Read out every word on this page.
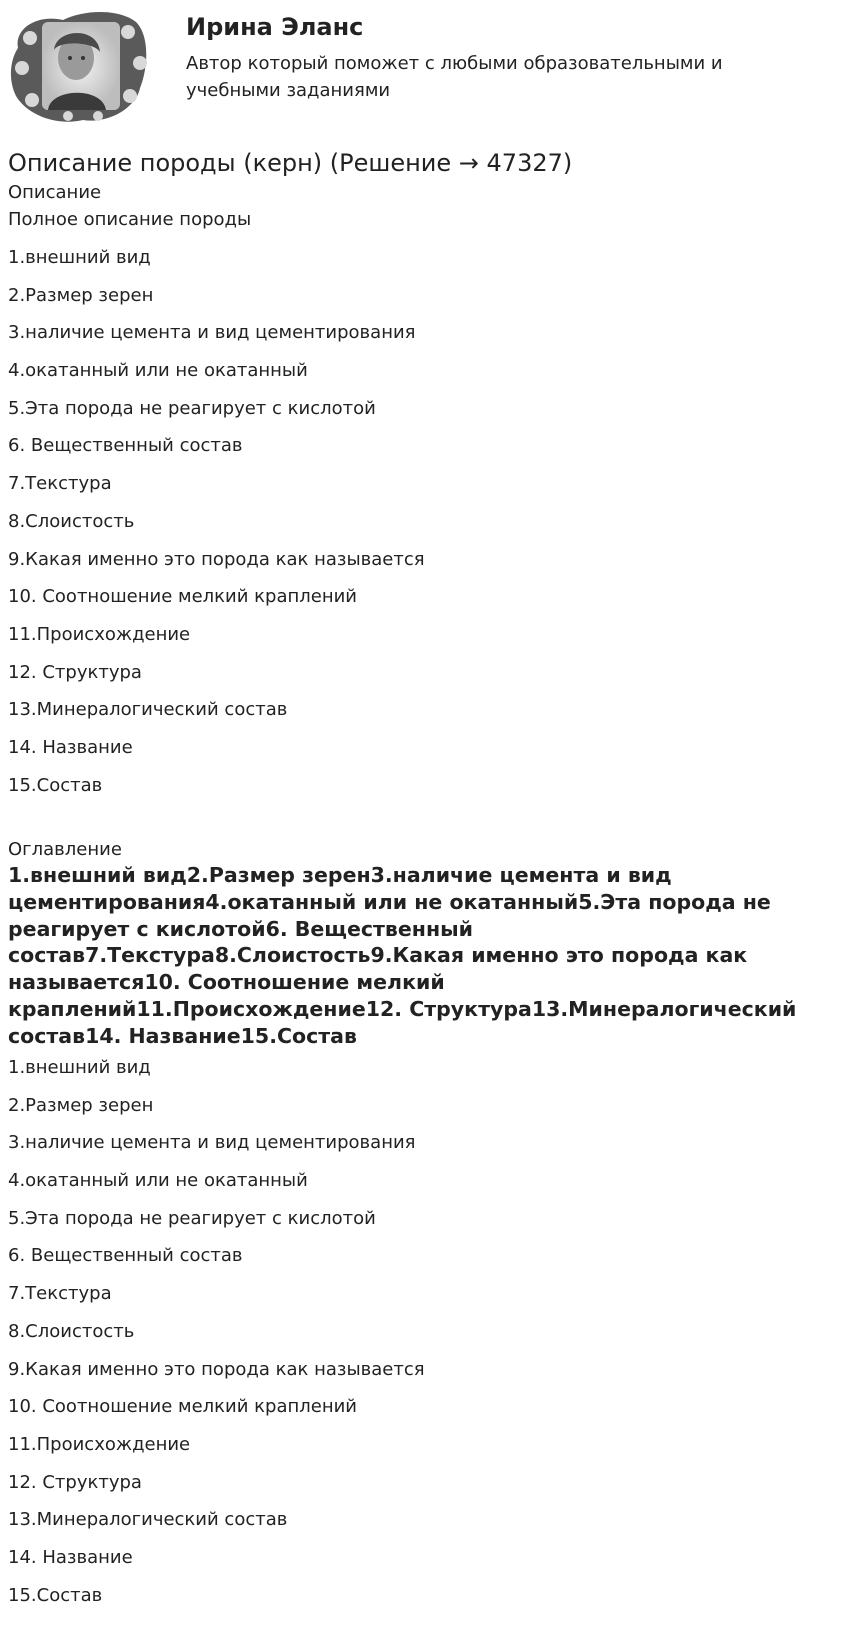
Ирина Эланс
Автор который поможет с любыми образовательными и учебными заданиями
Описание породы (керн) (Решение → 47327)
Описание
Полное описание породы
1.внешний вид
2.Размер зерен
3.наличие цемента и вид цементирования
4.окатанный или не окатанный
5.Эта порода не реагирует с кислотой
6. Вещественный состав
7.Текстура
8.Слоистость
9.Какая именно это порода как называется
10. Соотношение мелкий краплений
11.Происхождение
12. Структура
13.Минералогический состав
14. Название
15.Состав
Оглавление
1.внешний вид2.Размер зерен3.наличие цемента и вид цементирования4.окатанный или не окатанный5.Эта порода не реагирует с кислотой6. Вещественный состав7.Текстура8.Слоистость9.Какая именно это порода как называется10. Соотношение мелкий краплений11.Происхождение12. Структура13.Минералогический состав14. Название15.Состав
1.внешний вид
2.Размер зерен
3.наличие цемента и вид цементирования
4.окатанный или не окатанный
5.Эта порода не реагирует с кислотой
6. Вещественный состав
7.Текстура
8.Слоистость
9.Какая именно это порода как называется
10. Соотношение мелкий краплений
11.Происхождение
12. Структура
13.Минералогический состав
14. Название
15.Состав
